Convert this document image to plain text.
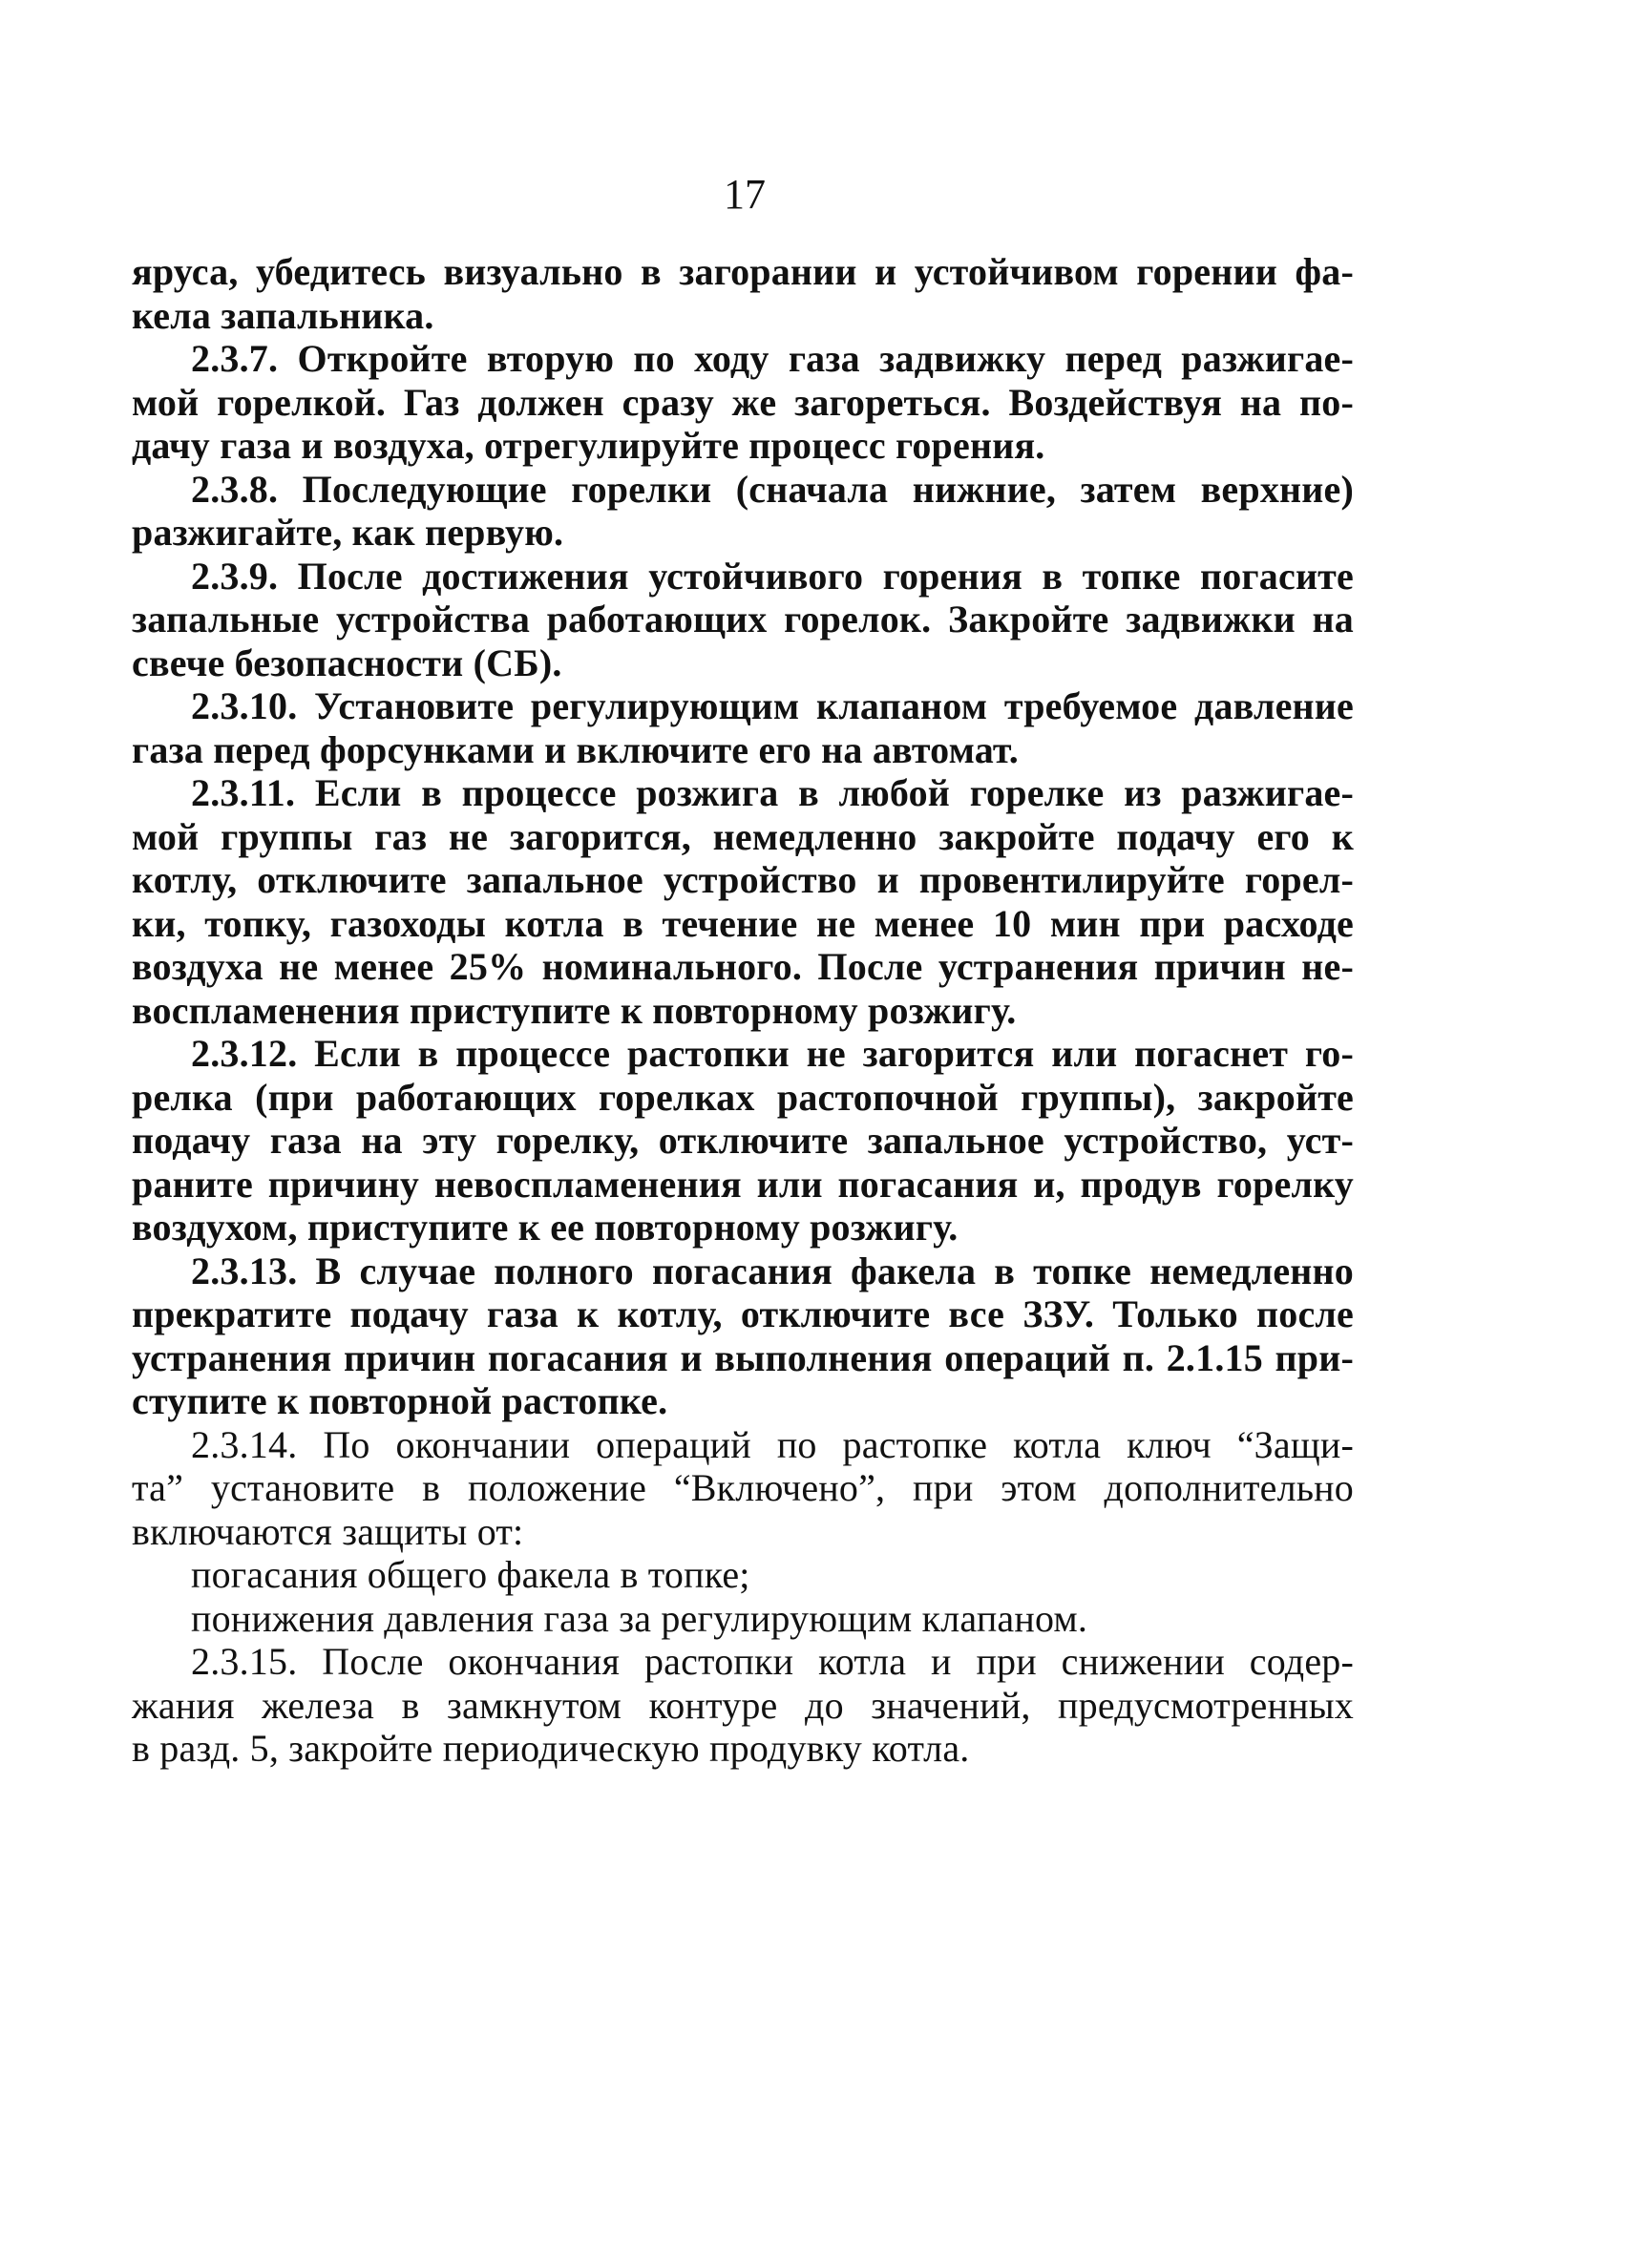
17
яруса, убедитесь визуально в загорании и устойчивом горении фа-
кела запальника.
2.3.7. Откройте вторую по ходу газа задвижку перед разжигае-
мой горелкой. Газ должен сразу же загореться. Воздействуя на по-
дачу газа и воздуха, отрегулируйте процесс горения.
2.3.8. Последующие горелки (сначала нижние, затем верхние)
разжигайте, как первую.
2.3.9. После достижения устойчивого горения в топке погасите
запальные устройства работающих горелок. Закройте задвижки на
свече безопасности (СБ).
2.3.10. Установите регулирующим клапаном требуемое давление
газа перед форсунками и включите его на автомат.
2.3.11. Если в процессе розжига в любой горелке из разжигае-
мой группы газ не загорится, немедленно закройте подачу его к
котлу, отключите запальное устройство и провентилируйте горел-
ки, топку, газоходы котла в течение не менее 10 мин при расходе
воздуха не менее 25% номинального. После устранения причин не-
воспламенения приступите к повторному розжигу.
2.3.12. Если в процессе растопки не загорится или погаснет го-
релка (при работающих горелках растопочной группы), закройте
подачу газа на эту горелку, отключите запальное устройство, уст-
раните причину невоспламенения или погасания и, продув горелку
воздухом, приступите к ее повторному розжигу.
2.3.13. В случае полного погасания факела в топке немедленно
прекратите подачу газа к котлу, отключите все ЗЗУ. Только после
устранения причин погасания и выполнения операций п. 2.1.15 при-
ступите к повторной растопке.
2.3.14. По окончании операций по растопке котла ключ “Защи-
та” установите в положение “Включено”, при этом дополнительно
включаются защиты от:
погасания общего факела в топке;
понижения давления газа за регулирующим клапаном.
2.3.15. После окончания растопки котла и при снижении содер-
жания железа в замкнутом контуре до значений, предусмотренных
в разд. 5, закройте периодическую продувку котла.
